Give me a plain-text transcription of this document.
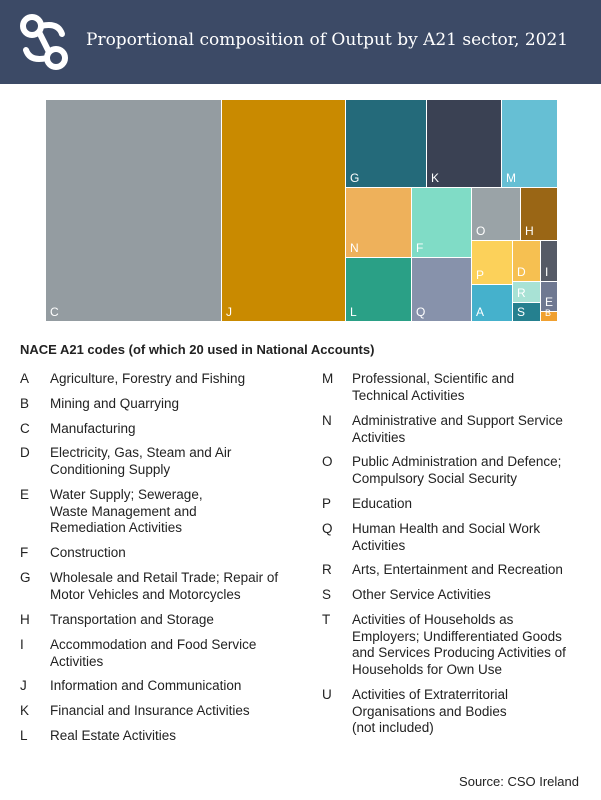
Proportional composition of Output by A21 sector, 2021
C	J
G	K	M
N	F
O	H
L	Q
P	D I
R
A
E
S B
NACE A21 codes (of which 20 used in National Accounts)
A	Agriculture, Forestry and Fishing
B	Mining and Quarrying
C	Manufacturing
D	Electricity, Gas, Steam and Air Conditioning Supply
E	Water Supply; Sewerage, Waste Management and Remediation Activities
F	Construction
G	Wholesale and Retail Trade; Repair of Motor Vehicles and Motorcycles
H	Transportation and Storage
I	Accommodation and Food Service Activities
J	Information and Communication
K	Financial and Insurance Activities
L	Real Estate Activities
M	Professional, Scientific and Technical Activities
N	Administrative and Support Service Activities
O	Public Administration and Defence; Compulsory Social Security
P	Education
Q	Human Health and Social Work Activities
R	Arts, Entertainment and Recreation
S	Other Service Activities
T	Activities of Households as Employers; Undifferentiated Goods and Services Producing Activities of Households for Own Use
U	Activities of Extraterritorial Organisations and Bodies (not included)
Source: CSO Ireland
